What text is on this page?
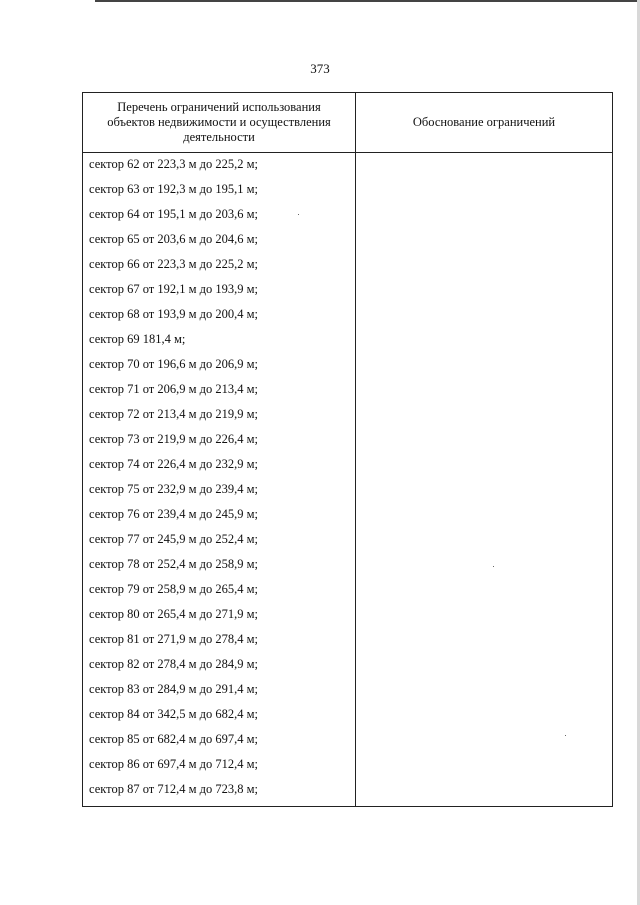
373
Перечень ограничений использования
объектов недвижимости и осуществления
деятельности
Обоснование ограничений
сектор 62 от 223,3 м до 225,2 м;
сектор 63 от 192,3 м до 195,1 м;
сектор 64 от 195,1 м до 203,6 м;
сектор 65 от 203,6 м до 204,6 м;
сектор 66 от 223,3 м до 225,2 м;
сектор 67 от 192,1 м до 193,9 м;
сектор 68 от 193,9 м до 200,4 м;
сектор 69 181,4 м;
сектор 70 от 196,6 м до 206,9 м;
сектор 71 от 206,9 м до 213,4 м;
сектор 72 от 213,4 м до 219,9 м;
сектор 73 от 219,9 м до 226,4 м;
сектор 74 от 226,4 м до 232,9 м;
сектор 75 от 232,9 м до 239,4 м;
сектор 76 от 239,4 м до 245,9 м;
сектор 77 от 245,9 м до 252,4 м;
сектор 78 от 252,4 м до 258,9 м;
сектор 79 от 258,9 м до 265,4 м;
сектор 80 от 265,4 м до 271,9 м;
сектор 81 от 271,9 м до 278,4 м;
сектор 82 от 278,4 м до 284,9 м;
сектор 83 от 284,9 м до 291,4 м;
сектор 84 от 342,5 м до 682,4 м;
сектор 85 от 682,4 м до 697,4 м;
сектор 86 от 697,4 м до 712,4 м;
сектор 87 от 712,4 м до 723,8 м;
